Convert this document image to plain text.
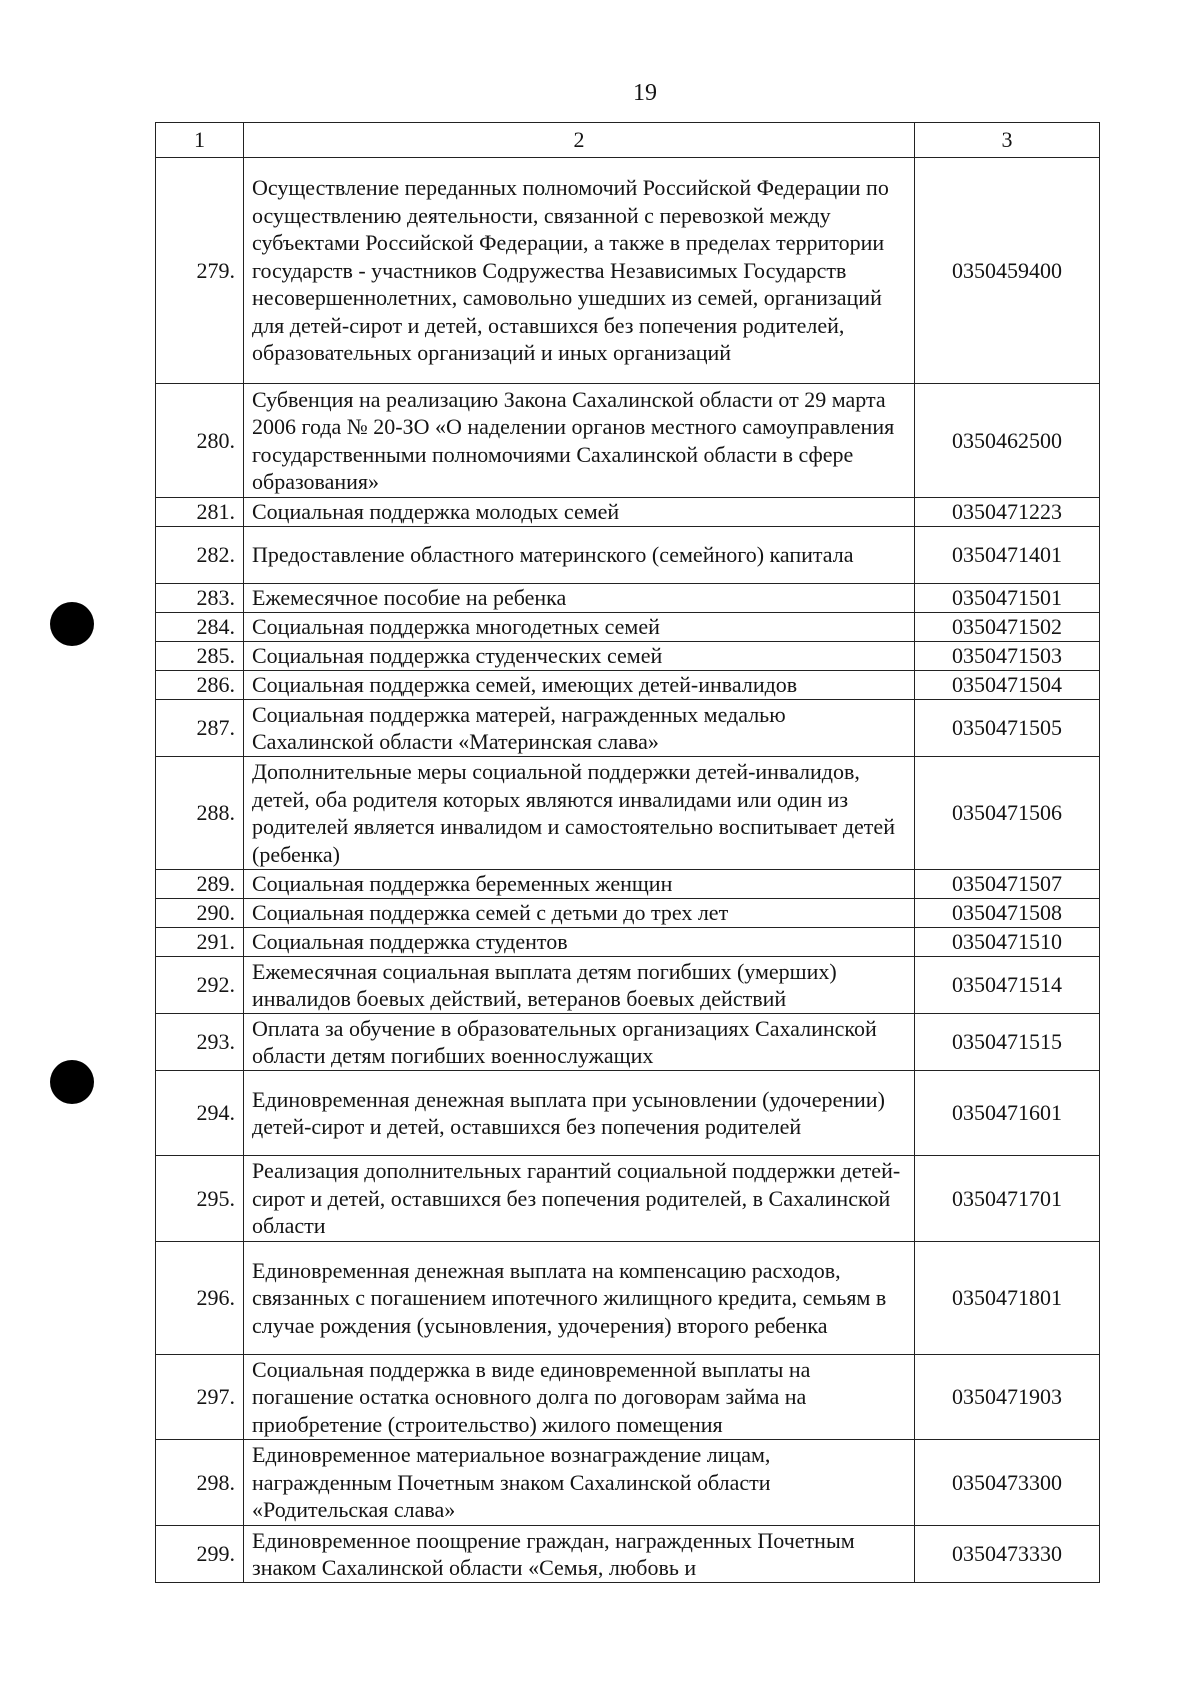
19
1	2	3
279.	Осуществление переданных полномочий Российской Федерации по осуществлению деятельности, связанной с перевозкой между субъектами Российской Федерации, а также в пределах территории государств - участников Содружества Независимых Государств несовершеннолетних, самовольно ушедших из семей, организаций для детей-сирот и детей, оставшихся без попечения родителей, образовательных организаций и иных организаций	0350459400
280.	Субвенция на реализацию Закона Сахалинской области от 29 марта 2006 года № 20-ЗО «О наделении органов местного самоуправления государственными полномочиями Сахалинской области в сфере образования»	0350462500
281.	Социальная поддержка молодых семей	0350471223
282.	Предоставление областного материнского (семейного) капитала	0350471401
283.	Ежемесячное пособие на ребенка	0350471501
284.	Социальная поддержка многодетных семей	0350471502
285.	Социальная поддержка студенческих семей	0350471503
286.	Социальная поддержка семей, имеющих детей-инвалидов	0350471504
287.	Социальная поддержка матерей, награжденных медалью Сахалинской области «Материнская слава»	0350471505
288.	Дополнительные меры социальной поддержки детей-инвалидов, детей, оба родителя которых являются инвалидами или один из родителей является инвалидом и самостоятельно воспитывает детей (ребенка)	0350471506
289.	Социальная поддержка беременных женщин	0350471507
290.	Социальная поддержка семей с детьми до трех лет	0350471508
291.	Социальная поддержка студентов	0350471510
292.	Ежемесячная социальная выплата детям погибших (умерших) инвалидов боевых действий, ветеранов боевых действий	0350471514
293.	Оплата за обучение в образовательных организациях Сахалинской области детям погибших военнослужащих	0350471515
294.	Единовременная денежная выплата при усыновлении (удочерении) детей-сирот и детей, оставшихся без попечения родителей	0350471601
295.	Реализация дополнительных гарантий социальной поддержки детей-сирот и детей, оставшихся без попечения родителей, в Сахалинской области	0350471701
296.	Единовременная денежная выплата на компенсацию расходов, связанных с погашением ипотечного жилищного кредита, семьям в случае рождения (усыновления, удочерения) второго ребенка	0350471801
297.	Социальная поддержка в виде единовременной выплаты на погашение остатка основного долга по договорам займа на приобретение (строительство) жилого помещения	0350471903
298.	Единовременное материальное вознаграждение лицам, награжденным Почетным знаком Сахалинской области «Родительская слава»	0350473300
299.	Единовременное поощрение граждан, награжденных Почетным знаком Сахалинской области «Семья, любовь и	0350473330
